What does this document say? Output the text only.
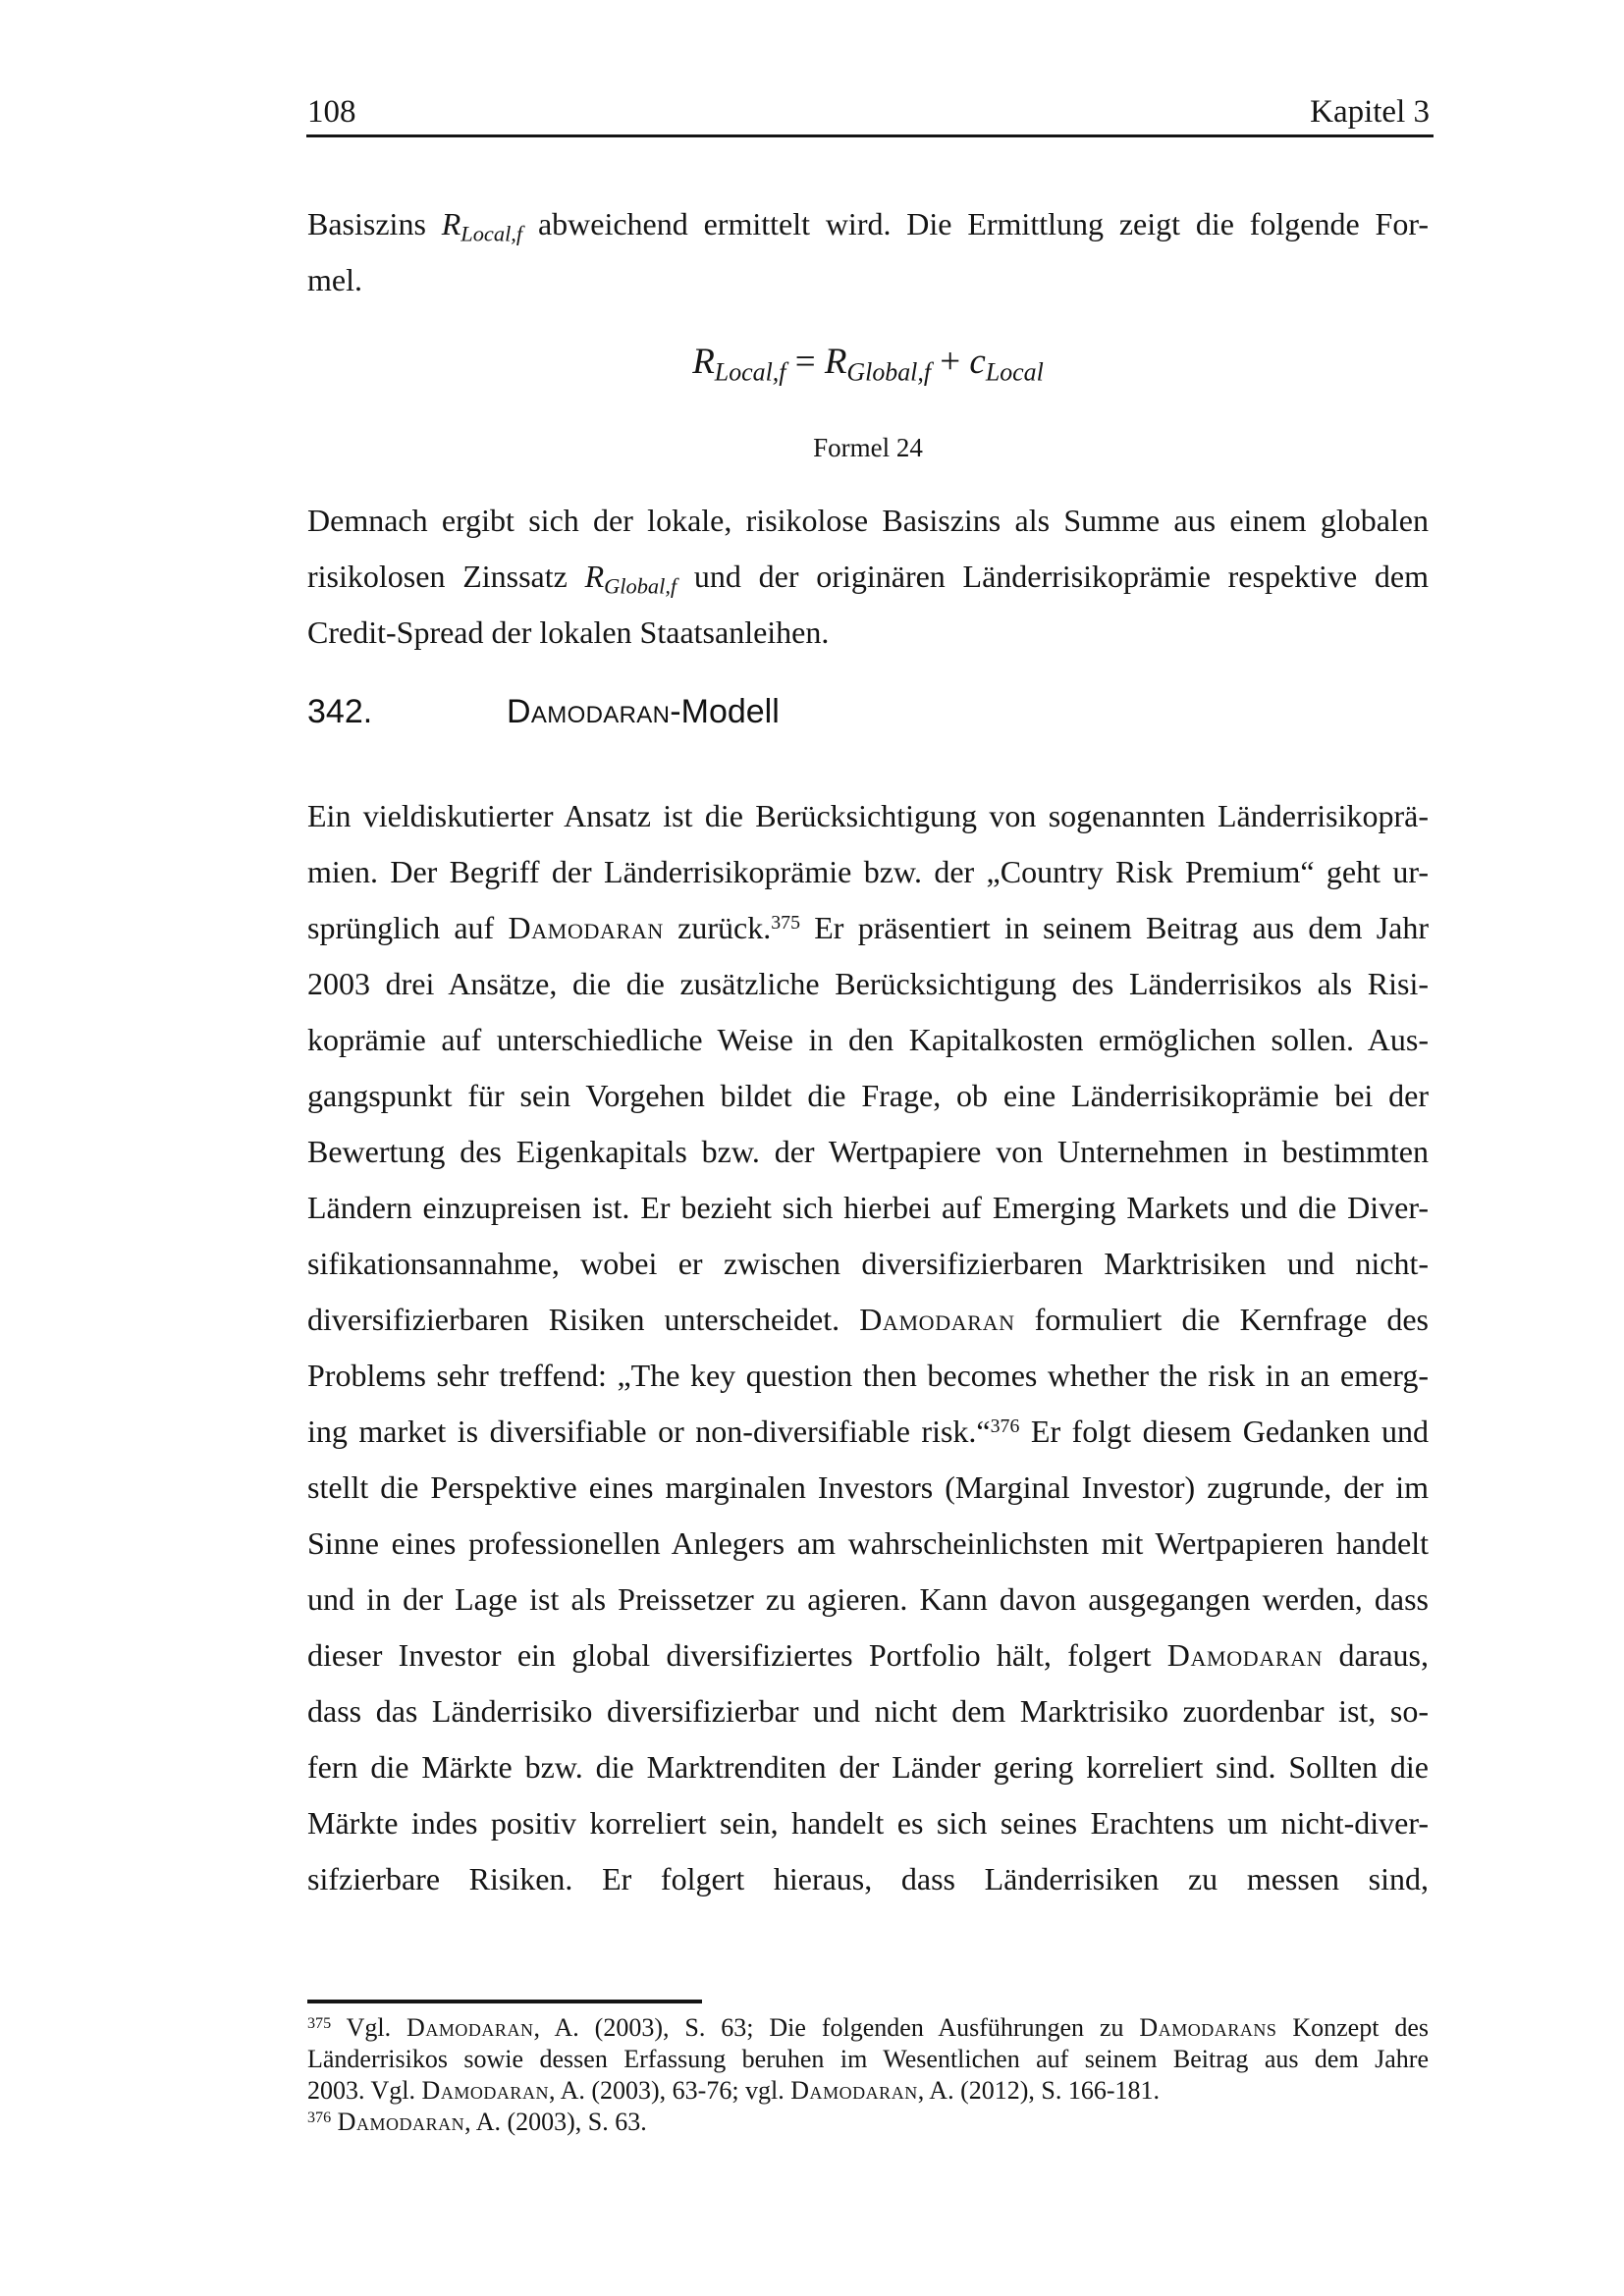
108	Kapitel 3
Basiszins RLocal,f abweichend ermittelt wird. Die Ermittlung zeigt die folgende For-
mel.
RLocal,f = RGlobal,f + cLocal
Formel 24
Demnach ergibt sich der lokale, risikolose Basiszins als Summe aus einem globalen
risikolosen Zinssatz RGlobal,f und der originären Länderrisikoprämie respektive dem
Credit-Spread der lokalen Staatsanleihen.
342.	Damodaran-Modell
Ein vieldiskutierter Ansatz ist die Berücksichtigung von sogenannten Länderrisikoprä-
mien. Der Begriff der Länderrisikoprämie bzw. der „Country Risk Premium“ geht ur-
sprünglich auf Damodaran zurück.$^{375}$ Er präsentiert in seinem Beitrag aus dem Jahr
2003 drei Ansätze, die die zusätzliche Berücksichtigung des Länderrisikos als Risi-
koprämie auf unterschiedliche Weise in den Kapitalkosten ermöglichen sollen. Aus-
gangspunkt für sein Vorgehen bildet die Frage, ob eine Länderrisikoprämie bei der
Bewertung des Eigenkapitals bzw. der Wertpapiere von Unternehmen in bestimmten
Ländern einzupreisen ist. Er bezieht sich hierbei auf Emerging Markets und die Diver-
sifikationsannahme, wobei er zwischen diversifizierbaren Marktrisiken und nicht-
diversifizierbaren Risiken unterscheidet. Damodaran formuliert die Kernfrage des
Problems sehr treffend: „The key question then becomes whether the risk in an emerg-
ing market is diversifiable or non-diversifiable risk.“$^{376}$ Er folgt diesem Gedanken und
stellt die Perspektive eines marginalen Investors (Marginal Investor) zugrunde, der im
Sinne eines professionellen Anlegers am wahrscheinlichsten mit Wertpapieren handelt
und in der Lage ist als Preissetzer zu agieren. Kann davon ausgegangen werden, dass
dieser Investor ein global diversifiziertes Portfolio hält, folgert Damodaran daraus,
dass das Länderrisiko diversifizierbar und nicht dem Marktrisiko zuordenbar ist, so-
fern die Märkte bzw. die Marktrenditen der Länder gering korreliert sind. Sollten die
Märkte indes positiv korreliert sein, handelt es sich seines Erachtens um nicht-diver-
sifzierbare Risiken. Er folgert hieraus, dass Länderrisiken zu messen sind,
$^{375}$ Vgl. Damodaran, A. (2003), S. 63; Die folgenden Ausführungen zu Damodarans Konzept des
Länderrisikos sowie dessen Erfassung beruhen im Wesentlichen auf seinem Beitrag aus dem Jahre
2003. Vgl. Damodaran, A. (2003), 63-76; vgl. Damodaran, A. (2012), S. 166-181.
$^{376}$ Damodaran, A. (2003), S. 63.
